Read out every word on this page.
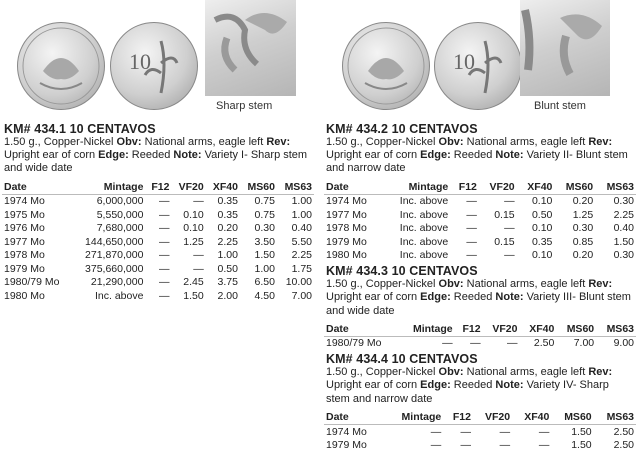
10
Sharp stem
KM# 434.1 10 CENTAVOS
1.50 g., Copper-Nickel Obv: National arms, eagle left Rev: Upright ear of corn Edge: Reeded Note: Variety I- Sharp stem and wide date
Date	Mintage	F12	VF20	XF40	MS60	MS63
1974 Mo	6,000,000	—	—	0.35	0.75	1.00
1975 Mo	5,550,000	—	0.10	0.35	0.75	1.00
1976 Mo	7,680,000	—	0.10	0.20	0.30	0.40
1977 Mo	144,650,000	—	1.25	2.25	3.50	5.50
1978 Mo	271,870,000	—	—	1.00	1.50	2.25
1979 Mo	375,660,000	—	—	0.50	1.00	1.75
1980/79 Mo	21,290,000	—	2.45	3.75	6.50	10.00
1980 Mo	Inc. above	—	1.50	2.00	4.50	7.00
10
Blunt stem
KM# 434.2 10 CENTAVOS
1.50 g., Copper-Nickel Obv: National arms, eagle left Rev: Upright ear of corn Edge: Reeded Note: Variety II- Blunt stem and narrow date
Date	Mintage	F12	VF20	XF40	MS60	MS63
1974 Mo	Inc. above	—	—	0.10	0.20	0.30
1977 Mo	Inc. above	—	0.15	0.50	1.25	2.25
1978 Mo	Inc. above	—	—	0.10	0.30	0.40
1979 Mo	Inc. above	—	0.15	0.35	0.85	1.50
1980 Mo	Inc. above	—	—	0.10	0.20	0.30
KM# 434.3 10 CENTAVOS
1.50 g., Copper-Nickel Obv: National arms, eagle left Rev: Upright ear of corn Edge: Reeded Note: Variety III- Blunt stem and wide date
Date	Mintage	F12	VF20	XF40	MS60	MS63
1980/79 Mo	—	—	—	2.50	7.00	9.00
KM# 434.4 10 CENTAVOS
1.50 g., Copper-Nickel Obv: National arms, eagle left Rev: Upright ear of corn Edge: Reeded Note: Variety IV- Sharp stem and narrow date
Date	Mintage	F12	VF20	XF40	MS60	MS63
1974 Mo	—	—	—	—	1.50	2.50
1979 Mo	—	—	—	—	1.50	2.50
